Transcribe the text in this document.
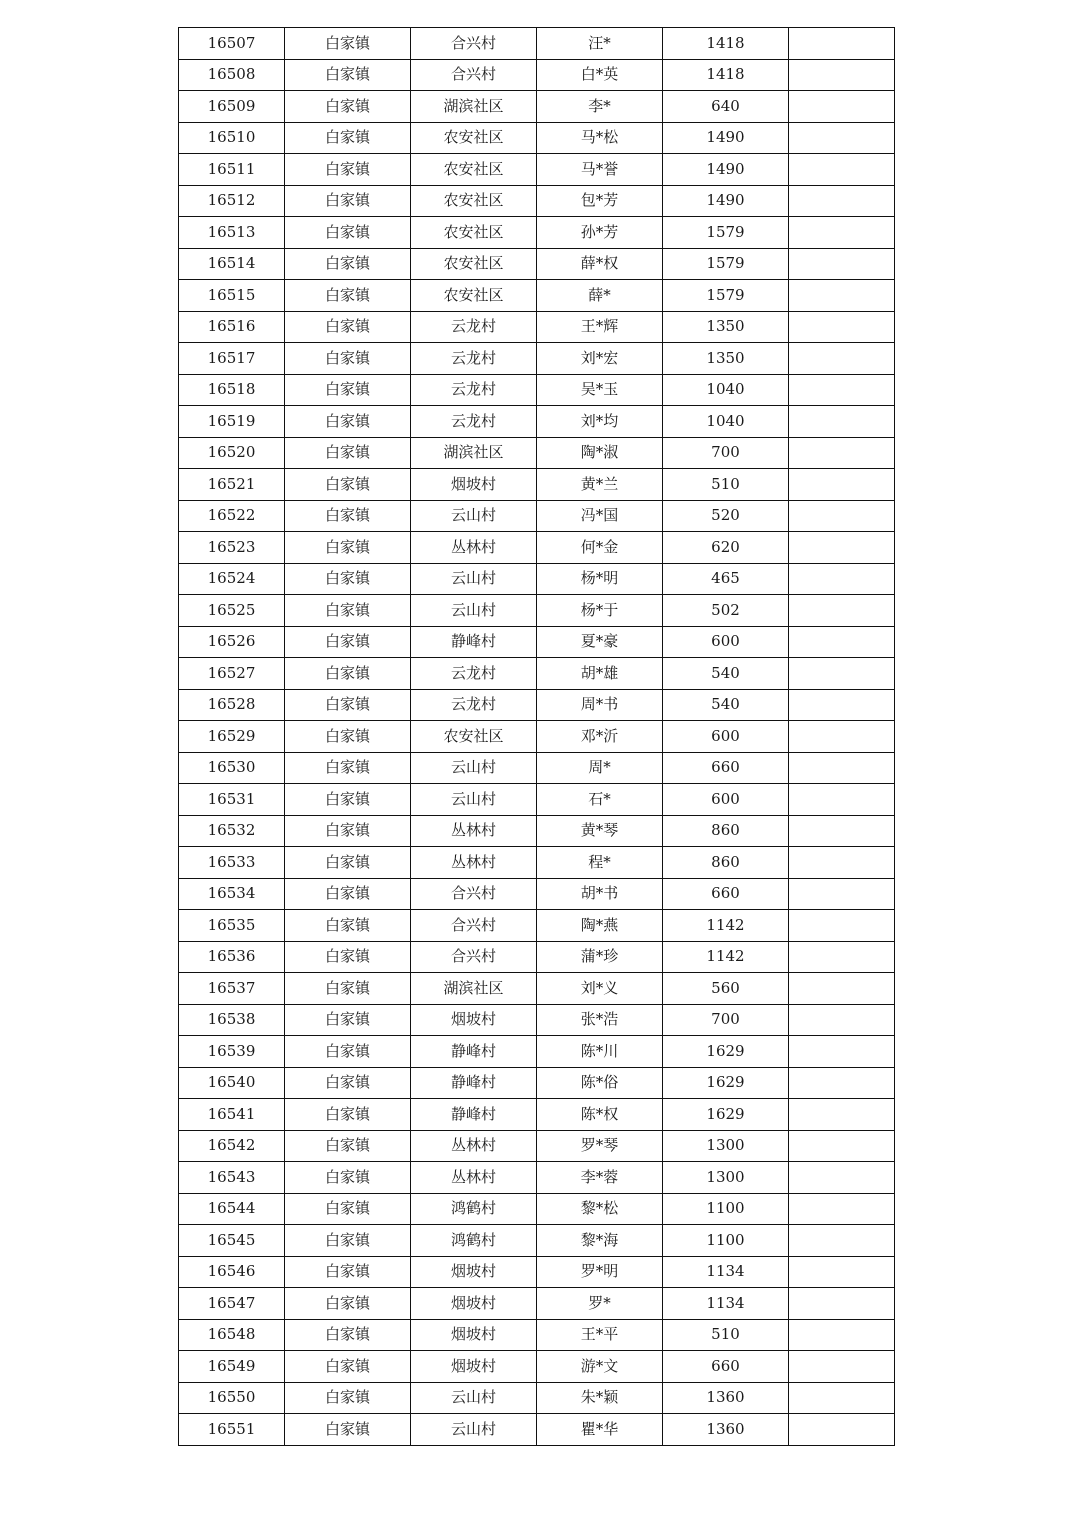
16507	白家镇	合兴村	汪*	1418	
16508	白家镇	合兴村	白*英	1418	
16509	白家镇	湖滨社区	李*	640	
16510	白家镇	农安社区	马*松	1490	
16511	白家镇	农安社区	马*誉	1490	
16512	白家镇	农安社区	包*芳	1490	
16513	白家镇	农安社区	孙*芳	1579	
16514	白家镇	农安社区	薛*权	1579	
16515	白家镇	农安社区	薛*	1579	
16516	白家镇	云龙村	王*辉	1350	
16517	白家镇	云龙村	刘*宏	1350	
16518	白家镇	云龙村	吴*玉	1040	
16519	白家镇	云龙村	刘*均	1040	
16520	白家镇	湖滨社区	陶*淑	700	
16521	白家镇	烟坡村	黄*兰	510	
16522	白家镇	云山村	冯*国	520	
16523	白家镇	丛林村	何*金	620	
16524	白家镇	云山村	杨*明	465	
16525	白家镇	云山村	杨*于	502	
16526	白家镇	静峰村	夏*豪	600	
16527	白家镇	云龙村	胡*雄	540	
16528	白家镇	云龙村	周*书	540	
16529	白家镇	农安社区	邓*沂	600	
16530	白家镇	云山村	周*	660	
16531	白家镇	云山村	石*	600	
16532	白家镇	丛林村	黄*琴	860	
16533	白家镇	丛林村	程*	860	
16534	白家镇	合兴村	胡*书	660	
16535	白家镇	合兴村	陶*燕	1142	
16536	白家镇	合兴村	蒲*珍	1142	
16537	白家镇	湖滨社区	刘*义	560	
16538	白家镇	烟坡村	张*浩	700	
16539	白家镇	静峰村	陈*川	1629	
16540	白家镇	静峰村	陈*俗	1629	
16541	白家镇	静峰村	陈*权	1629	
16542	白家镇	丛林村	罗*琴	1300	
16543	白家镇	丛林村	李*蓉	1300	
16544	白家镇	鸿鹤村	黎*松	1100	
16545	白家镇	鸿鹤村	黎*海	1100	
16546	白家镇	烟坡村	罗*明	1134	
16547	白家镇	烟坡村	罗*	1134	
16548	白家镇	烟坡村	王*平	510	
16549	白家镇	烟坡村	游*文	660	
16550	白家镇	云山村	朱*颖	1360	
16551	白家镇	云山村	瞿*华	1360	
